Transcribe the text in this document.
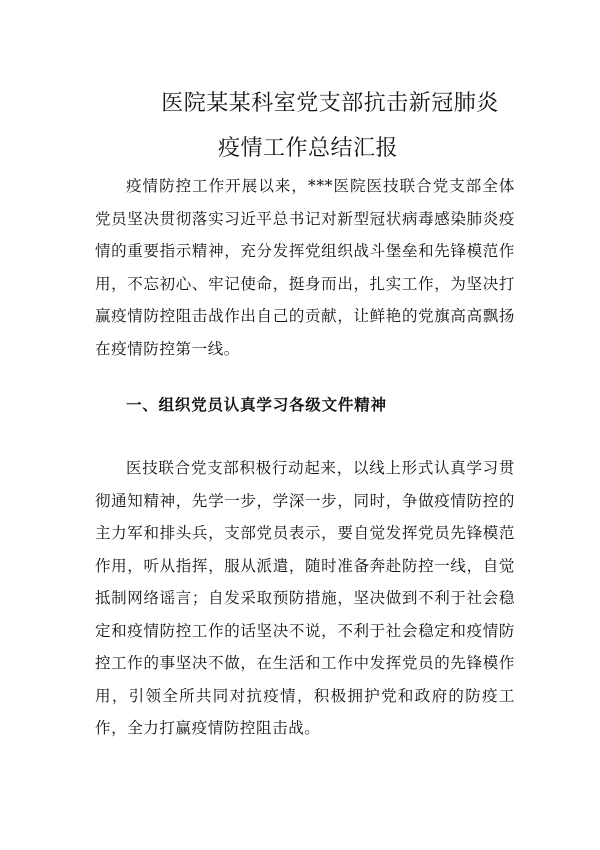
医院某某科室党支部抗击新冠肺炎
疫情工作总结汇报

疫情防控工作开展以来，***医院医技联合党支部全体党员坚决贯彻落实习近平总书记对新型冠状病毒感染肺炎疫情的重要指示精神，充分发挥党组织战斗堡垒和先锋模范作用，不忘初心、牢记使命，挺身而出，扎实工作，为坚决打赢疫情防控阻击战作出自己的贡献，让鲜艳的党旗高高飘扬在疫情防控第一线。

一、组织党员认真学习各级文件精神

医技联合党支部积极行动起来，以线上形式认真学习贯彻通知精神，先学一步，学深一步，同时，争做疫情防控的主力军和排头兵，支部党员表示，要自觉发挥党员先锋模范作用，听从指挥，服从派遣，随时准备奔赴防控一线，自觉抵制网络谣言；自发采取预防措施，坚决做到不利于社会稳定和疫情防控工作的话坚决不说，不利于社会稳定和疫情防控工作的事坚决不做，在生活和工作中发挥党员的先锋模作用，引领全所共同对抗疫情，积极拥护党和政府的防疫工作，全力打赢疫情防控阻击战。
